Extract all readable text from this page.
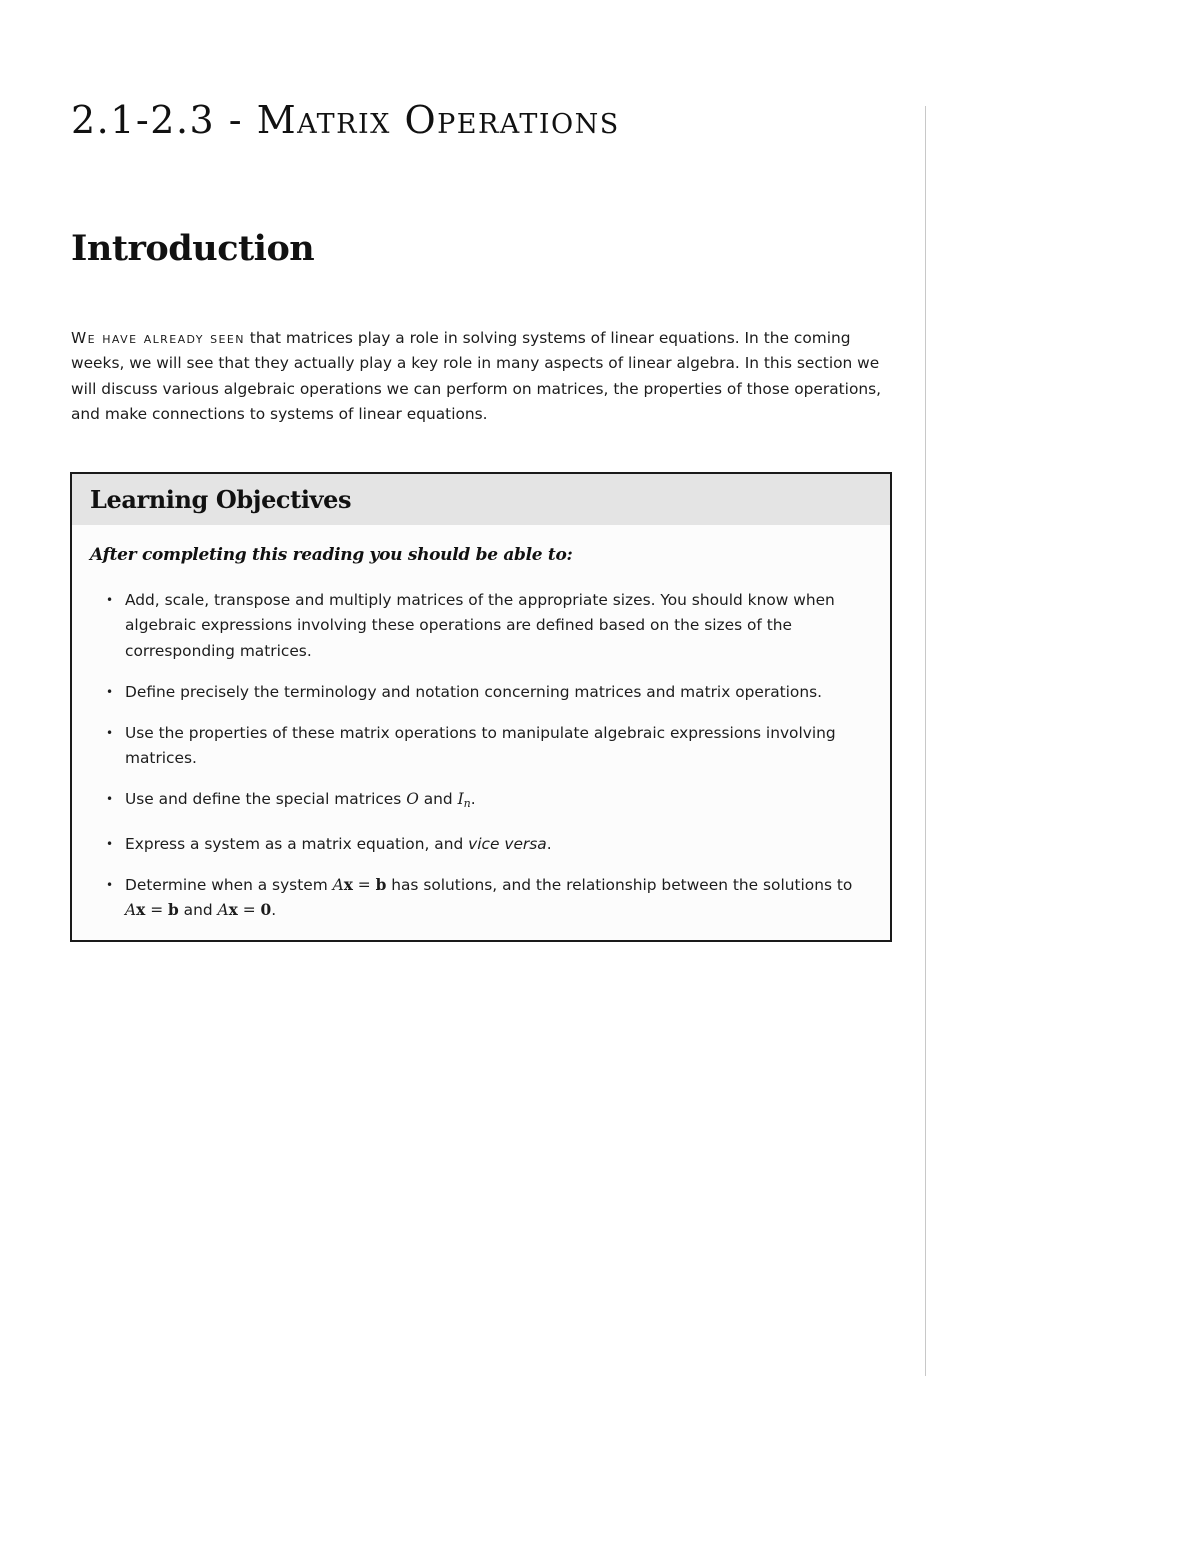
2.1-2.3 - Matrix Operations
Introduction

We have already seen that matrices play a role in solving systems of linear equations. In the coming weeks, we will see that they actually play a key role in many aspects of linear algebra. In this section we will discuss various algebraic operations we can perform on matrices, the properties of those operations, and make connections to systems of linear equations.

Learning Objectives

After completing this reading you should be able to:

• Add, scale, transpose and multiply matrices of the appropriate sizes. You should know when algebraic expressions involving these operations are defined based on the sizes of the corresponding matrices.
• Define precisely the terminology and notation concerning matrices and matrix operations.
• Use the properties of these matrix operations to manipulate algebraic expressions involving matrices.
• Use and define the special matrices O and $I_n$.
• Express a system as a matrix equation, and vice versa.
• Determine when a system Ax = b has solutions, and the relationship between the solutions to Ax = b and Ax = 0.
